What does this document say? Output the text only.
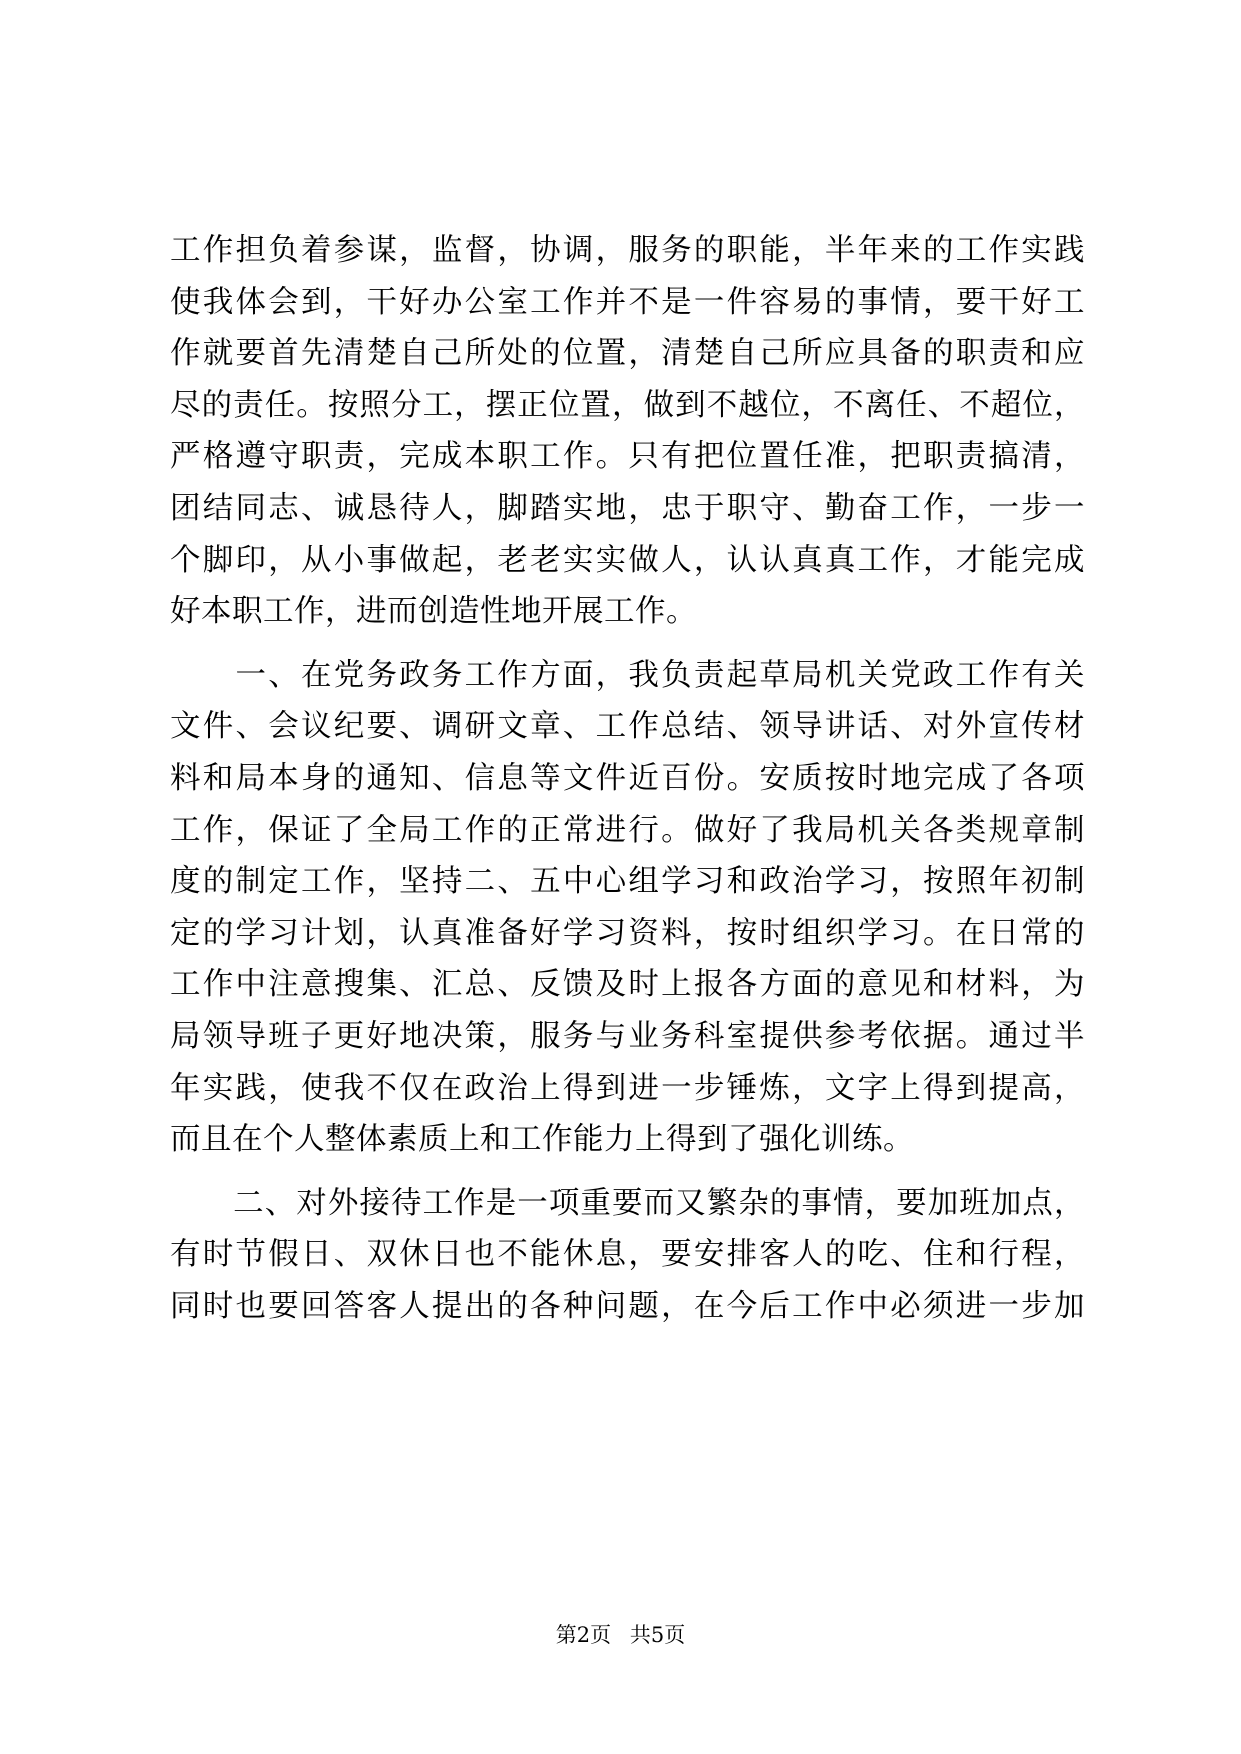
工作担负着参谋，监督，协调，服务的职能，半年来的工作实践
使我体会到，干好办公室工作并不是一件容易的事情，要干好工
作就要首先清楚自己所处的位置，清楚自己所应具备的职责和应
尽的责任。按照分工，摆正位置，做到不越位，不离任、不超位，
严格遵守职责，完成本职工作。只有把位置任准，把职责搞清，
团结同志、诚恳待人，脚踏实地，忠于职守、勤奋工作，一步一
个脚印，从小事做起，老老实实做人，认认真真工作，才能完成
好本职工作，进而创造性地开展工作。
　　一、在党务政务工作方面，我负责起草局机关党政工作有关
文件、会议纪要、调研文章、工作总结、领导讲话、对外宣传材
料和局本身的通知、信息等文件近百份。安质按时地完成了各项
工作，保证了全局工作的正常进行。做好了我局机关各类规章制
度的制定工作，坚持二、五中心组学习和政治学习，按照年初制
定的学习计划，认真准备好学习资料，按时组织学习。在日常的
工作中注意搜集、汇总、反馈及时上报各方面的意见和材料，为
局领导班子更好地决策，服务与业务科室提供参考依据。通过半
年实践，使我不仅在政治上得到进一步锤炼，文字上得到提高，
而且在个人整体素质上和工作能力上得到了强化训练。
　　二、对外接待工作是一项重要而又繁杂的事情，要加班加点，
有时节假日、双休日也不能休息，要安排客人的吃、住和行程，
同时也要回答客人提出的各种问题，在今后工作中必须进一步加
第2页 共5页
